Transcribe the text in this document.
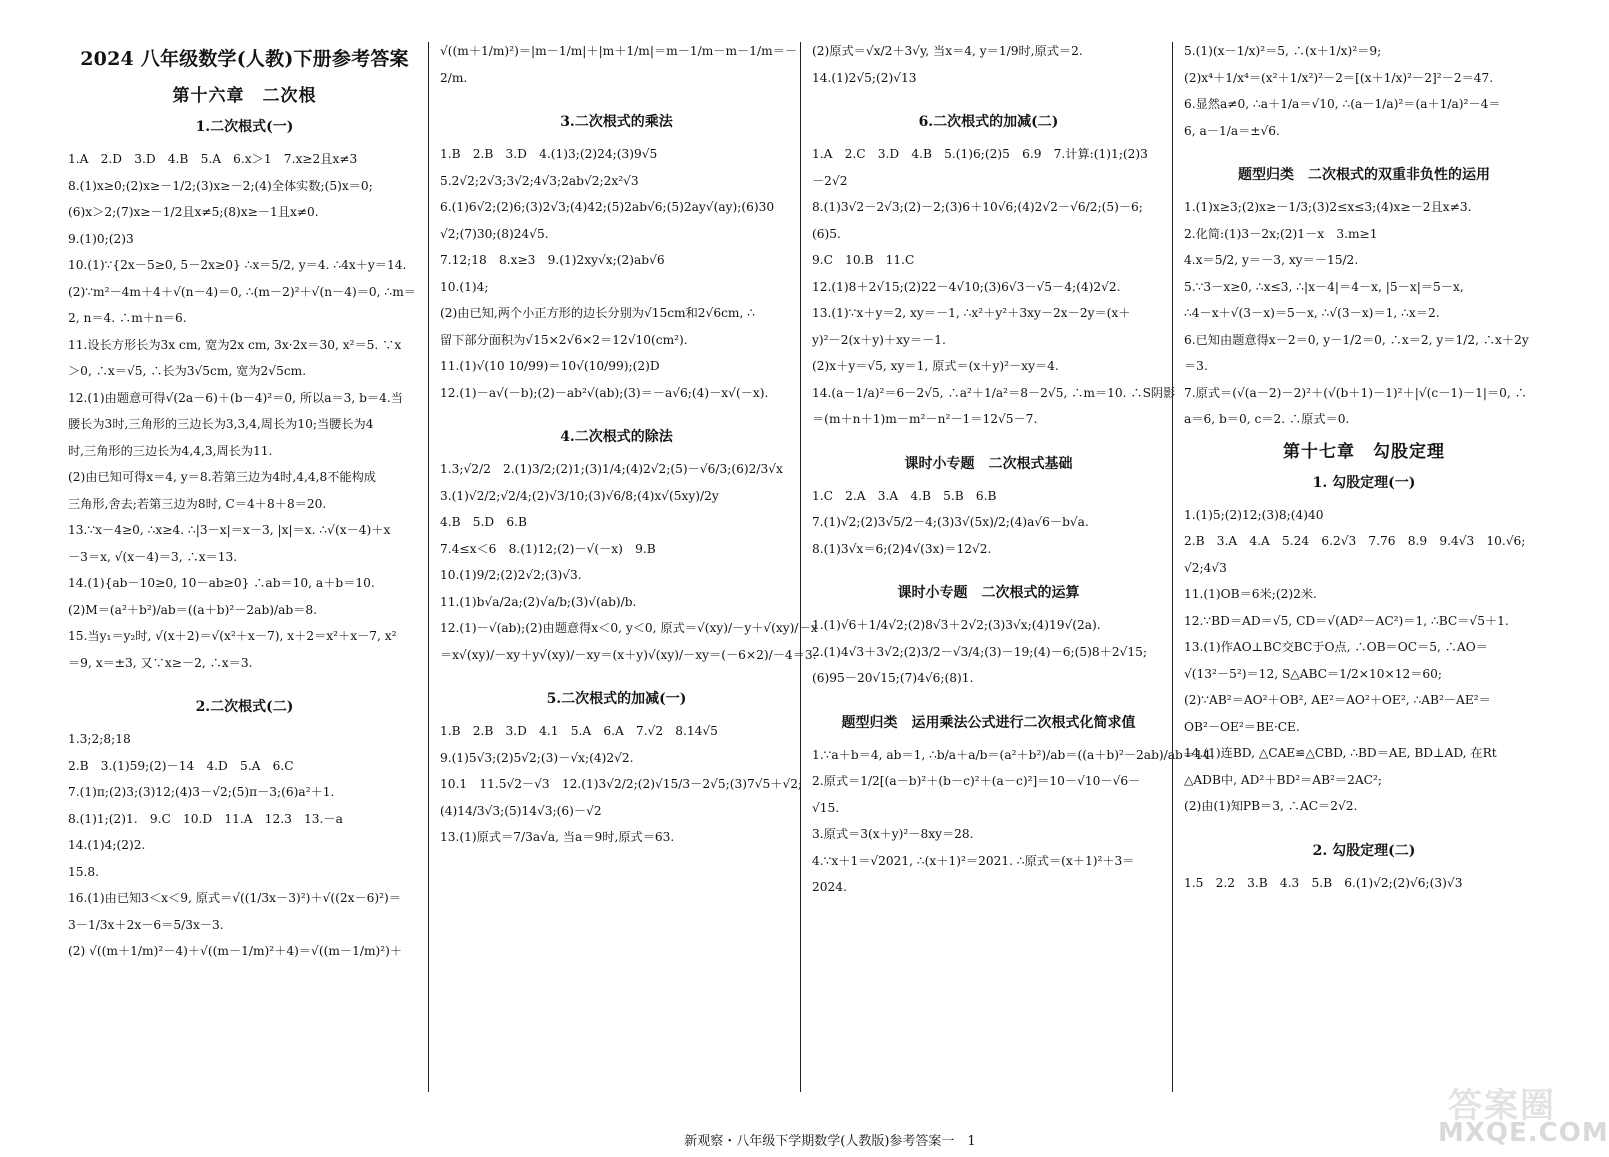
2024 八年级数学(人教)下册参考答案
第十六章　二次根
1.二次根式(一)
1.A　2.D　3.D　4.B　5.A　6.x＞1　7.x≥2且x≠3
8.(1)x≥0;(2)x≥－1/2;(3)x≥－2;(4)全体实数;(5)x＝0;
(6)x＞2;(7)x≥－1/2且x≠5;(8)x≥－1且x≠0.
9.(1)0;(2)3
10.(1)∵{2x－5≥0, 5－2x≥0} ∴x＝5/2, y＝4. ∴4x＋y＝14.
(2)∵m²－4m＋4＋√(n－4)＝0, ∴(m－2)²＋√(n－4)＝0, ∴m＝
2, n＝4. ∴m＋n＝6.
11.设长方形长为3x cm, 宽为2x cm, 3x·2x＝30, x²＝5. ∵x
＞0, ∴x＝√5, ∴长为3√5cm, 宽为2√5cm.
12.(1)由题意可得√(2a－6)＋(b－4)²＝0, 所以a＝3, b＝4.当
腰长为3时,三角形的三边长为3,3,4,周长为10;当腰长为4
时,三角形的三边长为4,4,3,周长为11.
(2)由已知可得x＝4, y＝8.若第三边为4时,4,4,8不能构成
三角形,舍去;若第三边为8时, C＝4＋8＋8＝20.
13.∵x－4≥0, ∴x≥4. ∴|3－x|＝x－3, |x|＝x. ∴√(x－4)＋x
－3＝x, √(x－4)＝3, ∴x＝13.
14.(1){ab－10≥0, 10－ab≥0} ∴ab＝10, a＋b＝10.
(2)M＝(a²＋b²)/ab＝((a＋b)²－2ab)/ab＝8.
15.当y₁＝y₂时, √(x＋2)＝√(x²＋x－7), x＋2＝x²＋x－7, x²
＝9, x＝±3, 又∵x≥－2, ∴x＝3.
2.二次根式(二)
1.3;2;8;18
2.B　3.(1)59;(2)－14　4.D　5.A　6.C
7.(1)π;(2)3;(3)12;(4)3－√2;(5)π－3;(6)a²＋1.
8.(1)1;(2)1.　9.C　10.D　11.A　12.3　13.－a
14.(1)4;(2)2.
15.8.
16.(1)由已知3＜x＜9, 原式＝√((1/3x－3)²)＋√((2x－6)²)＝
3－1/3x＋2x－6＝5/3x－3.
(2) √((m＋1/m)²－4)＋√((m－1/m)²＋4)＝√((m－1/m)²)＋
√((m＋1/m)²)＝|m－1/m|＋|m＋1/m|＝m－1/m－m－1/m＝－
2/m.
3.二次根式的乘法
1.B　2.B　3.D　4.(1)3;(2)24;(3)9√5
5.2√2;2√3;3√2;4√3;2ab√2;2x²√3
6.(1)6√2;(2)6;(3)2√3;(4)42;(5)2ab√6;(5)2ay√(ay);(6)30
√2;(7)30;(8)24√5.
7.12;18　8.x≥3　9.(1)2xy√x;(2)ab√6
10.(1)4;
(2)由已知,两个小正方形的边长分别为√15cm和2√6cm, ∴
留下部分面积为√15×2√6×2＝12√10(cm²).
11.(1)√(10 10/99)＝10√(10/99);(2)D
12.(1)－a√(－b);(2)－ab²√(ab);(3)＝－a√6;(4)－x√(－x).
4.二次根式的除法
1.3;√2/2　2.(1)3/2;(2)1;(3)1/4;(4)2√2;(5)－√6/3;(6)2/3√x
3.(1)√2/2;√2/4;(2)√3/10;(3)√6/8;(4)x√(5xy)/2y
4.B　5.D　6.B
7.4≤x＜6　8.(1)12;(2)－√(－x)　9.B
10.(1)9/2;(2)2√2;(3)√3.
11.(1)b√a/2a;(2)√a/b;(3)√(ab)/b.
12.(1)－√(ab);(2)由题意得x＜0, y＜0, 原式＝√(xy)/－y＋√(xy)/－x
＝x√(xy)/－xy＋y√(xy)/－xy＝(x＋y)√(xy)/－xy＝(－6×2)/－4＝3.
5.二次根式的加减(一)
1.B　2.B　3.D　4.1　5.A　6.A　7.√2　8.14√5
9.(1)5√3;(2)5√2;(3)－√x;(4)2√2.
10.1　11.5√2－√3　12.(1)3√2/2;(2)√15/3－2√5;(3)7√5＋√2;
(4)14/3√3;(5)14√3;(6)－√2
13.(1)原式＝7/3a√a, 当a＝9时,原式＝63.
(2)原式＝√x/2＋3√y, 当x＝4, y＝1/9时,原式＝2.
14.(1)2√5;(2)√13
6.二次根式的加减(二)
1.A　2.C　3.D　4.B　5.(1)6;(2)5　6.9　7.计算:(1)1;(2)3
－2√2
8.(1)3√2－2√3;(2)－2;(3)6＋10√6;(4)2√2－√6/2;(5)－6;
(6)5.
9.C　10.B　11.C
12.(1)8＋2√15;(2)22－4√10;(3)6√3－√5－4;(4)2√2.
13.(1)∵x＋y＝2, xy＝－1, ∴x²＋y²＋3xy－2x－2y＝(x＋
y)²－2(x＋y)＋xy＝－1.
(2)x＋y＝√5, xy＝1, 原式＝(x＋y)²－xy＝4.
14.(a－1/a)²＝6－2√5, ∴a²＋1/a²＝8－2√5, ∴m＝10. ∴S阴影
＝(m＋n＋1)m－m²－n²－1＝12√5－7.
课时小专题　二次根式基础
1.C　2.A　3.A　4.B　5.B　6.B
7.(1)√2;(2)3√5/2－4;(3)3√(5x)/2;(4)a√6－b√a.
8.(1)3√x＝6;(2)4√(3x)＝12√2.
课时小专题　二次根式的运算
1.(1)√6＋1/4√2;(2)8√3＋2√2;(3)3√x;(4)19√(2a).
2.(1)4√3＋3√2;(2)3/2－√3/4;(3)－19;(4)－6;(5)8＋2√15;
(6)95－20√15;(7)4√6;(8)1.
题型归类　运用乘法公式进行二次根式化简求值
1.∵a＋b＝4, ab＝1, ∴b/a＋a/b＝(a²＋b²)/ab＝((a＋b)²－2ab)/ab＝14.
2.原式＝1/2[(a－b)²＋(b－c)²＋(a－c)²]＝10－√10－√6－
√15.
3.原式＝3(x＋y)²－8xy＝28.
4.∵x＋1＝√2021, ∴(x＋1)²＝2021. ∴原式＝(x＋1)²＋3＝
2024.
5.(1)(x－1/x)²＝5, ∴(x＋1/x)²＝9;
(2)x⁴＋1/x⁴＝(x²＋1/x²)²－2＝[(x＋1/x)²－2]²－2＝47.
6.显然a≠0, ∴a＋1/a＝√10, ∴(a－1/a)²＝(a＋1/a)²－4＝
6, a－1/a＝±√6.
题型归类　二次根式的双重非负性的运用
1.(1)x≥3;(2)x≥－1/3;(3)2≤x≤3;(4)x≥－2且x≠3.
2.化简:(1)3－2x;(2)1－x　3.m≥1
4.x＝5/2, y＝－3, xy＝－15/2.
5.∵3－x≥0, ∴x≤3, ∴|x－4|＝4－x, |5－x|＝5－x,
∴4－x＋√(3－x)＝5－x, ∴√(3－x)＝1, ∴x＝2.
6.已知由题意得x－2＝0, y－1/2＝0, ∴x＝2, y＝1/2, ∴x＋2y
＝3.
7.原式＝(√(a－2)－2)²＋(√(b＋1)－1)²＋|√(c－1)－1|＝0, ∴
a＝6, b＝0, c＝2. ∴原式＝0.
第十七章　勾股定理
1. 勾股定理(一)
1.(1)5;(2)12;(3)8;(4)40
2.B　3.A　4.A　5.24　6.2√3　7.76　8.9　9.4√3　10.√6;
√2;4√3
11.(1)OB＝6米;(2)2米.
12.∵BD＝AD＝√5, CD＝√(AD²－AC²)＝1, ∴BC＝√5＋1.
13.(1)作AO⊥BC交BC于O点, ∴OB＝OC＝5, ∴AO＝
√(13²－5²)＝12, S△ABC＝1/2×10×12＝60;
(2)∵AB²＝AO²＋OB², AE²＝AO²＋OE², ∴AB²－AE²＝
OB²－OE²＝BE·CE.
14.(1)连BD, △CAE≌△CBD, ∴BD＝AE, BD⊥AD, 在Rt
△ADB中, AD²＋BD²＝AB²＝2AC²;
(2)由(1)知PB＝3, ∴AC＝2√2.
2. 勾股定理(二)
1.5　2.2　3.B　4.3　5.B　6.(1)√2;(2)√6;(3)√3
新观察・八年级下学期数学(人教版)参考答案一　1
答案圈
MXQE.COM
